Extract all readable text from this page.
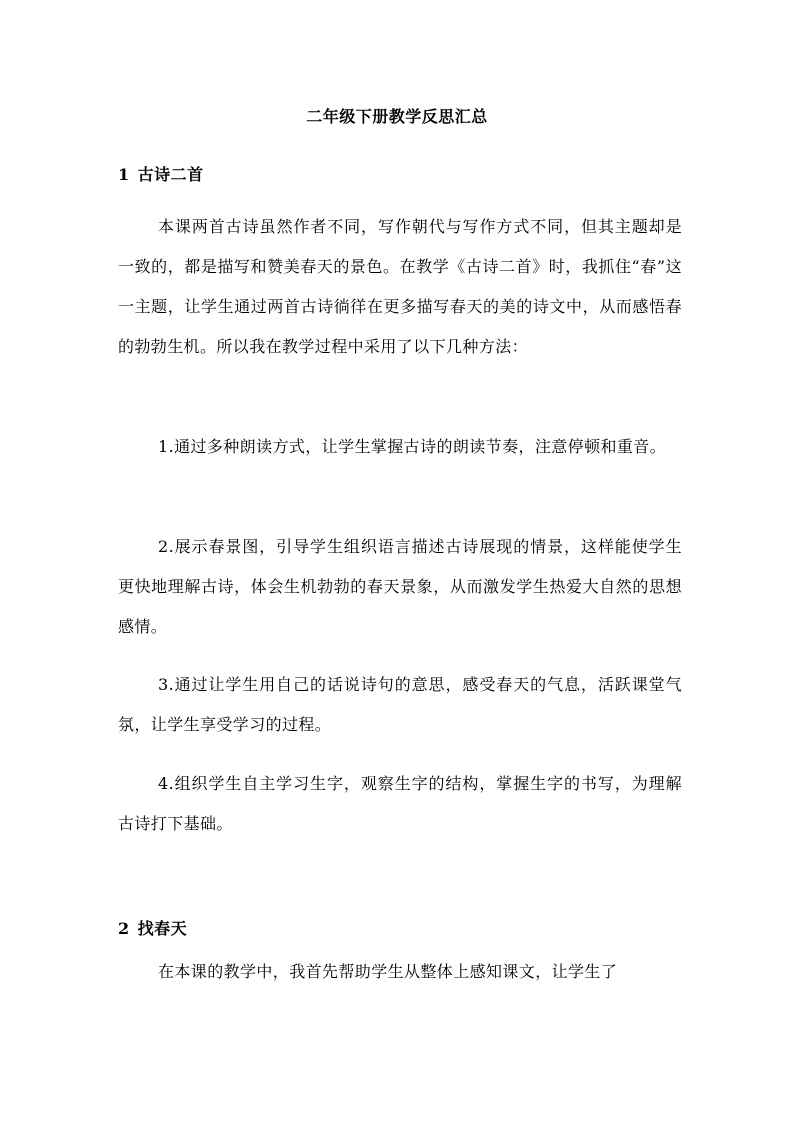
二年级下册教学反思汇总
1 古诗二首

本课两首古诗虽然作者不同，写作朝代与写作方式不同，但其主题却是一致的，都是描写和赞美春天的景色。在教学《古诗二首》时，我抓住“春”这一主题，让学生通过两首古诗徜徉在更多描写春天的美的诗文中，从而感悟春的勃勃生机。所以我在教学过程中采用了以下几种方法：

1.通过多种朗读方式，让学生掌握古诗的朗读节奏，注意停顿和重音。

2.展示春景图，引导学生组织语言描述古诗展现的情景，这样能使学生更快地理解古诗，体会生机勃勃的春天景象，从而激发学生热爱大自然的思想感情。

3.通过让学生用自己的话说诗句的意思，感受春天的气息，活跃课堂气氛，让学生享受学习的过程。

4.组织学生自主学习生字，观察生字的结构，掌握生字的书写，为理解古诗打下基础。

2 找春天

在本课的教学中，我首先帮助学生从整体上感知课文，让学生了
